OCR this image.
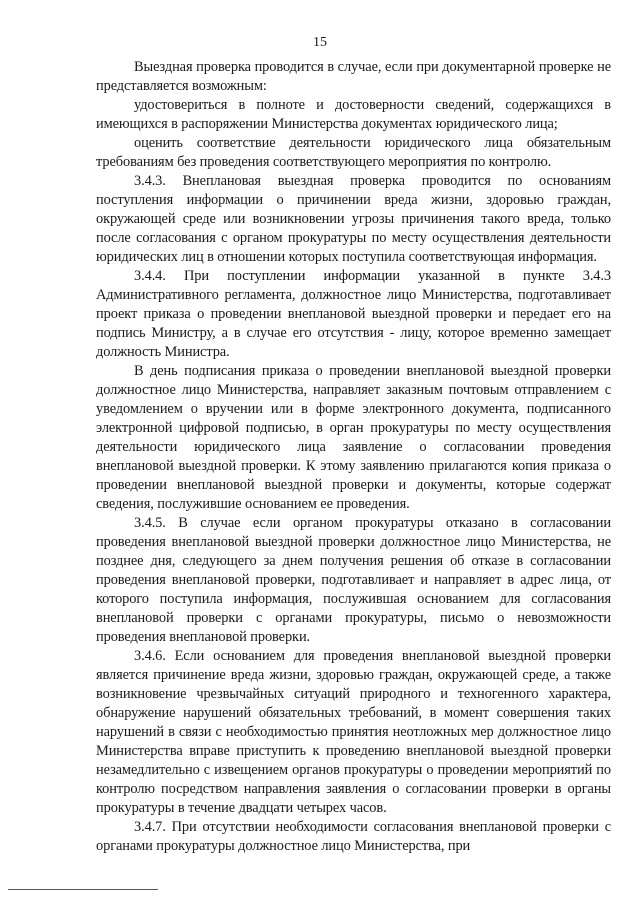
15

Выездная проверка проводится в случае, если при документарной проверке не представляется возможным:

удостовериться в полноте и достоверности сведений, содержащихся в имеющихся в распоряжении Министерства документах юридического лица;

оценить соответствие деятельности юридического лица обязательным требованиям без проведения соответствующего мероприятия по контролю.

3.4.3. Внеплановая выездная проверка проводится по основаниям поступления информации о причинении вреда жизни, здоровью граждан, окружающей среде или возникновении угрозы причинения такого вреда, только после согласования с органом прокуратуры по месту осуществления деятельности юридических лиц в отношении которых поступила соответствующая информация.

3.4.4. При поступлении информации указанной в пункте 3.4.3 Административного регламента, должностное лицо Министерства, подготавливает проект приказа о проведении внеплановой выездной проверки и передает его на подпись Министру, а в случае его отсутствия - лицу, которое временно замещает должность Министра.

В день подписания приказа о проведении внеплановой выездной проверки должностное лицо Министерства, направляет заказным почтовым отправлением с уведомлением о вручении или в форме электронного документа, подписанного электронной цифровой подписью, в орган прокуратуры по месту осуществления деятельности юридического лица заявление о согласовании проведения внеплановой выездной проверки. К этому заявлению прилагаются копия приказа о проведении внеплановой выездной проверки и документы, которые содержат сведения, послужившие основанием ее проведения.

3.4.5. В случае если органом прокуратуры отказано в согласовании проведения внеплановой выездной проверки должностное лицо Министерства, не позднее дня, следующего за днем получения решения об отказе в согласовании проведения внеплановой проверки, подготавливает и направляет в адрес лица, от которого поступила информация, послужившая основанием для согласования внеплановой проверки с органами прокуратуры, письмо о невозможности проведения внеплановой проверки.

3.4.6. Если основанием для проведения внеплановой выездной проверки является причинение вреда жизни, здоровью граждан, окружающей среде, а также возникновение чрезвычайных ситуаций природного и техногенного характера, обнаружение нарушений обязательных требований, в момент совершения таких нарушений в связи с необходимостью принятия неотложных мер должностное лицо Министерства вправе приступить к проведению внеплановой выездной проверки незамедлительно с извещением органов прокуратуры о проведении мероприятий по контролю посредством направления заявления о согласовании проверки в органы прокуратуры в течение двадцати четырех часов.

3.4.7. При отсутствии необходимости согласования внеплановой проверки с органами прокуратуры должностное лицо Министерства, при
